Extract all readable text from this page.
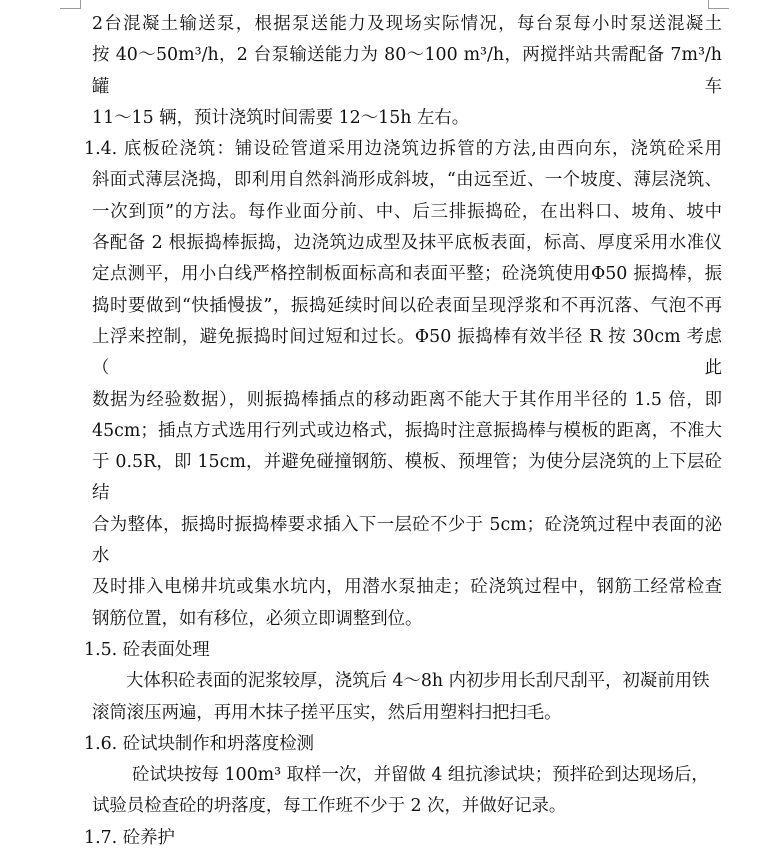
2台混凝土输送泵，根据泵送能力及现场实际情况，每台泵每小时泵送混凝土
按 40～50m³/h，2 台泵输送能力为 80～100 m³/h，两搅拌站共需配备 7m³/h 罐车
11～15 辆，预计浇筑时间需要 12～15h 左右。
1.4. 底板砼浇筑：铺设砼管道采用边浇筑边拆管的方法,由西向东，浇筑砼采用
斜面式薄层浇捣，即利用自然斜淌形成斜坡，“由远至近、一个坡度、薄层浇筑、
一次到顶”的方法。每作业面分前、中、后三排振捣砼，在出料口、坡角、坡中
各配备 2 根振捣棒振捣，边浇筑边成型及抹平底板表面，标高、厚度采用水准仪
定点测平，用小白线严格控制板面标高和表面平整；砼浇筑使用Φ50 振捣棒，振
捣时要做到“快插慢拔”，振捣延续时间以砼表面呈现浮浆和不再沉落、气泡不再
上浮来控制，避免振捣时间过短和过长。Φ50 振捣棒有效半径 R 按 30cm 考虑（此
数据为经验数据），则振捣棒插点的移动距离不能大于其作用半径的 1.5 倍，即
45cm；插点方式选用行列式或边格式，振捣时注意振捣棒与模板的距离，不准大
于 0.5R，即 15cm，并避免碰撞钢筋、模板、预埋管；为使分层浇筑的上下层砼结
合为整体，振捣时振捣棒要求插入下一层砼不少于 5cm；砼浇筑过程中表面的泌水
及时排入电梯井坑或集水坑内，用潜水泵抽走；砼浇筑过程中，钢筋工经常检查
钢筋位置，如有移位，必须立即调整到位。
1.5. 砼表面处理
大体积砼表面的泥浆较厚，浇筑后 4～8h 内初步用长刮尺刮平，初凝前用铁
滚筒滚压两遍，再用木抹子搓平压实，然后用塑料扫把扫毛。
1.6. 砼试块制作和坍落度检测
砼试块按每 100m³ 取样一次，并留做 4 组抗渗试块；预拌砼到达现场后，
试验员检查砼的坍落度，每工作班不少于 2 次，并做好记录。
1.7. 砼养护
